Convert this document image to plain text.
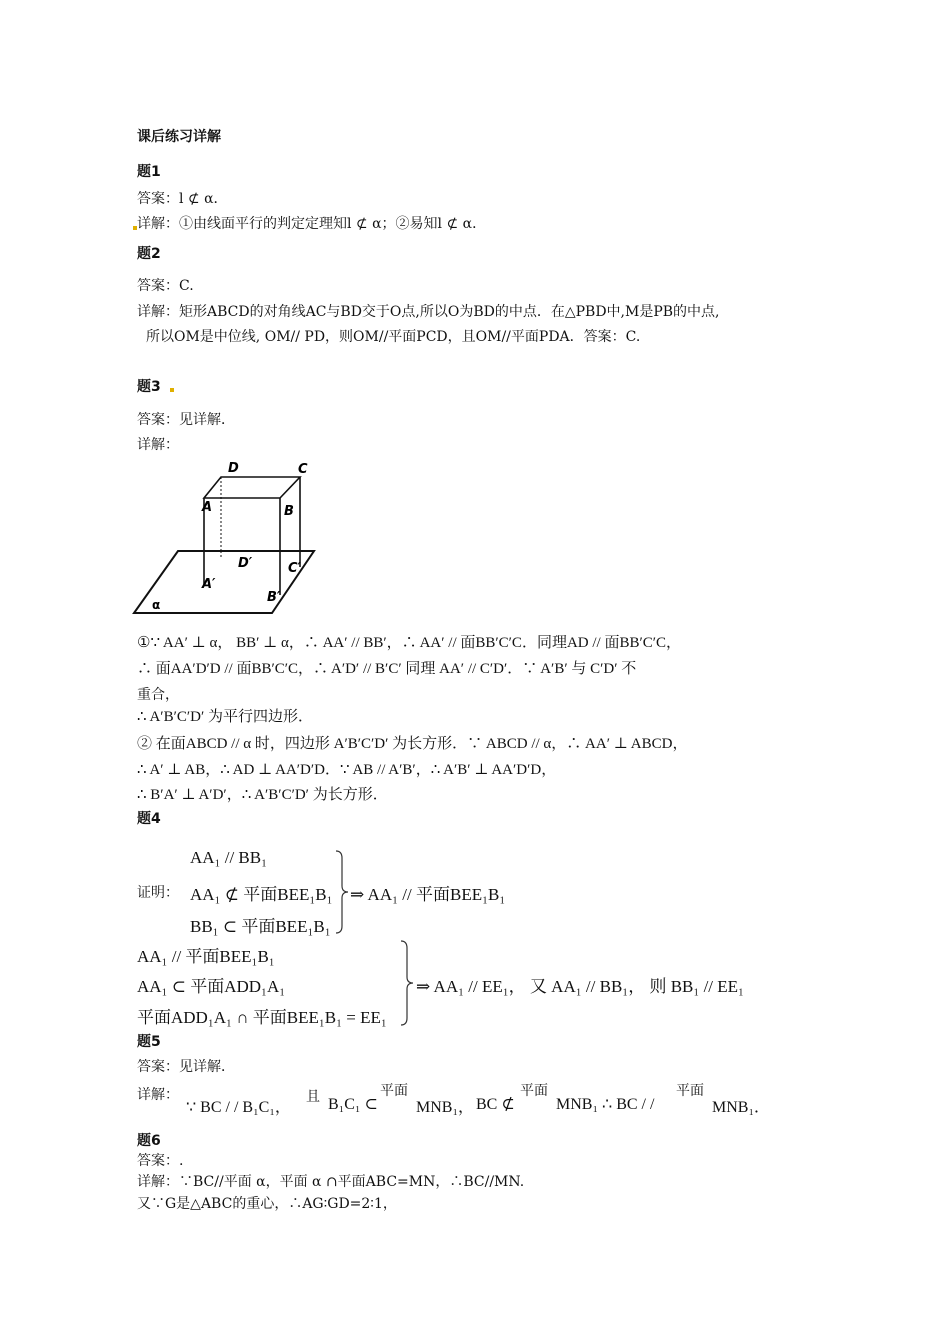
课后练习详解
题1
答案：l ⊄ α．
详解：①由线面平行的判定定理知l ⊄ α；②易知l ⊄ α．
题2
答案：C.
详解：矩形ABCD的对角线AC与BD交于O点,所以O为BD的中点．在△PBD中,M是PB的中点,
所以OM是中位线, OM// PD，则OM//平面PCD，且OM//平面PDA．答案：C.
题3
答案：见详解．
详解：
D	C
A	B
D′	C′
A′
B′
α
①∵ AA′ ⊥ α， BB′ ⊥ α，∴ AA′ // BB′，∴ AA′ // 面BB′C′C．同理AD // 面BB′C′C，
∴ 面AA′D′D // 面BB′C′C，∴ A′D′ // B′C′ 同理 AA′ // C′D′．∵ A′B′ 与 C′D′ 不
重合，
∴ A′B′C′D′ 为平行四边形．
② 在面ABCD // α 时，四边形 A′B′C′D′ 为长方形．∵ ABCD // α，∴ AA′ ⊥ ABCD，
∴ A′ ⊥ AB，∴ AD ⊥ AA′D′D．∵ AB // A′B′，∴ A′B′ ⊥ AA′D′D，
∴ B′A′ ⊥ A′D′，∴ A′B′C′D′ 为长方形．
题4
证明：
AA₁ // BB₁
AA₁ ⊄ 平面BEE₁B₁
BB₁ ⊂ 平面BEE₁B₁
⇒ AA₁ // 平面BEE₁B₁
AA₁ // 平面BEE₁B₁
AA₁ ⊂ 平面ADD₁A₁
平面ADD₁A₁ ∩ 平面BEE₁B₁ = EE₁
⇒ AA₁ // EE₁， 又 AA₁ // BB₁， 则 BB₁ // EE₁
题5
答案：见详解．
详解：
∵ BC / / B₁C₁，
且 B₁C₁ ⊂
平面
MNB₁， BC ⊄
平面
MNB₁ ∴ BC / /
平面
MNB₁．
题6
答案：.
详解：∵BC//平面 α，平面 α ∩平面ABC=MN，∴BC//MN.
又∵G是△ABC的重心，∴AG∶GD=2∶1，
